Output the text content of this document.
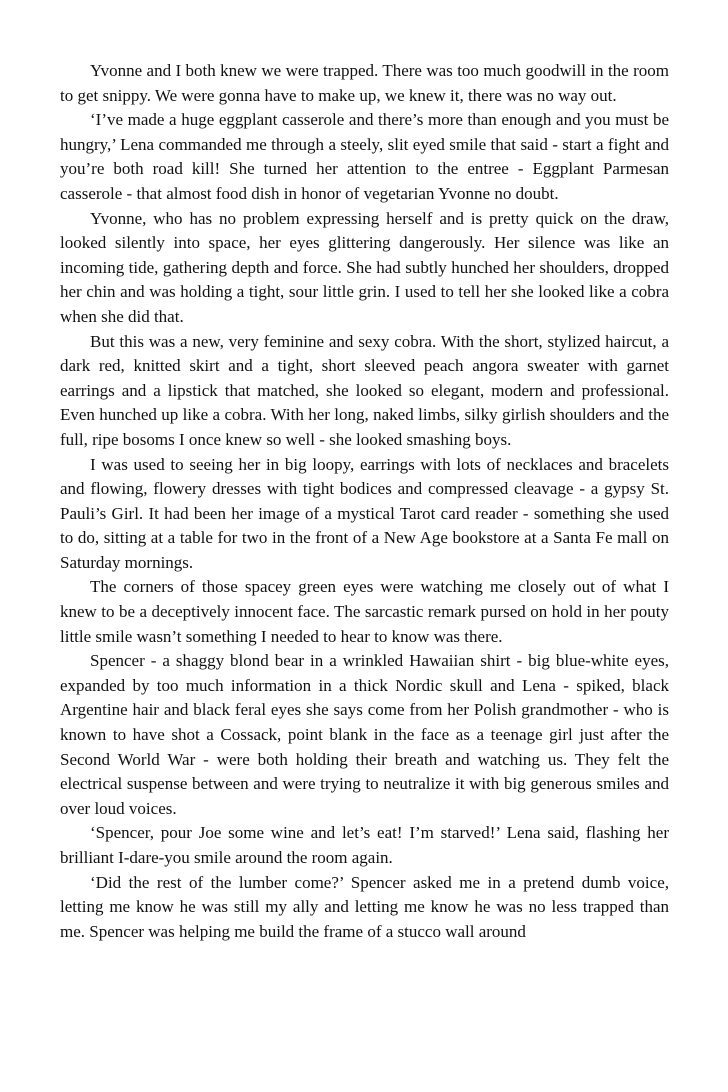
Yvonne and I both knew we were trapped. There was too much goodwill in the room to get snippy. We were gonna have to make up, we knew it, there was no way out.

‘I’ve made a huge eggplant casserole and there’s more than enough and you must be hungry,’ Lena commanded me through a steely, slit eyed smile that said - start a fight and you’re both road kill! She turned her attention to the entree - Eggplant Parmesan casserole - that almost food dish in honor of vegetarian Yvonne no doubt.

Yvonne, who has no problem expressing herself and is pretty quick on the draw, looked silently into space, her eyes glittering dangerously. Her silence was like an incoming tide, gathering depth and force. She had subtly hunched her shoulders, dropped her chin and was holding a tight, sour little grin. I used to tell her she looked like a cobra when she did that.

But this was a new, very feminine and sexy cobra. With the short, stylized haircut, a dark red, knitted skirt and a tight, short sleeved peach angora sweater with garnet earrings and a lipstick that matched, she looked so elegant, modern and professional. Even hunched up like a cobra. With her long, naked limbs, silky girlish shoulders and the full, ripe bosoms I once knew so well - she looked smashing boys.

I was used to seeing her in big loopy, earrings with lots of necklaces and bracelets and flowing, flowery dresses with tight bodices and compressed cleavage - a gypsy St. Pauli’s Girl. It had been her image of a mystical Tarot card reader - something she used to do, sitting at a table for two in the front of a New Age bookstore at a Santa Fe mall on Saturday mornings.

The corners of those spacey green eyes were watching me closely out of what I knew to be a deceptively innocent face. The sarcastic remark pursed on hold in her pouty little smile wasn’t something I needed to hear to know was there.

Spencer - a shaggy blond bear in a wrinkled Hawaiian shirt - big blue-white eyes, expanded by too much information in a thick Nordic skull and Lena - spiked, black Argentine hair and black feral eyes she says come from her Polish grandmother - who is known to have shot a Cossack, point blank in the face as a teenage girl just after the Second World War - were both holding their breath and watching us. They felt the electrical suspense between and were trying to neutralize it with big generous smiles and over loud voices.

‘Spencer, pour Joe some wine and let’s eat! I’m starved!’ Lena said, flashing her brilliant I-dare-you smile around the room again.

‘Did the rest of the lumber come?’ Spencer asked me in a pretend dumb voice, letting me know he was still my ally and letting me know he was no less trapped than me. Spencer was helping me build the frame of a stucco wall around
